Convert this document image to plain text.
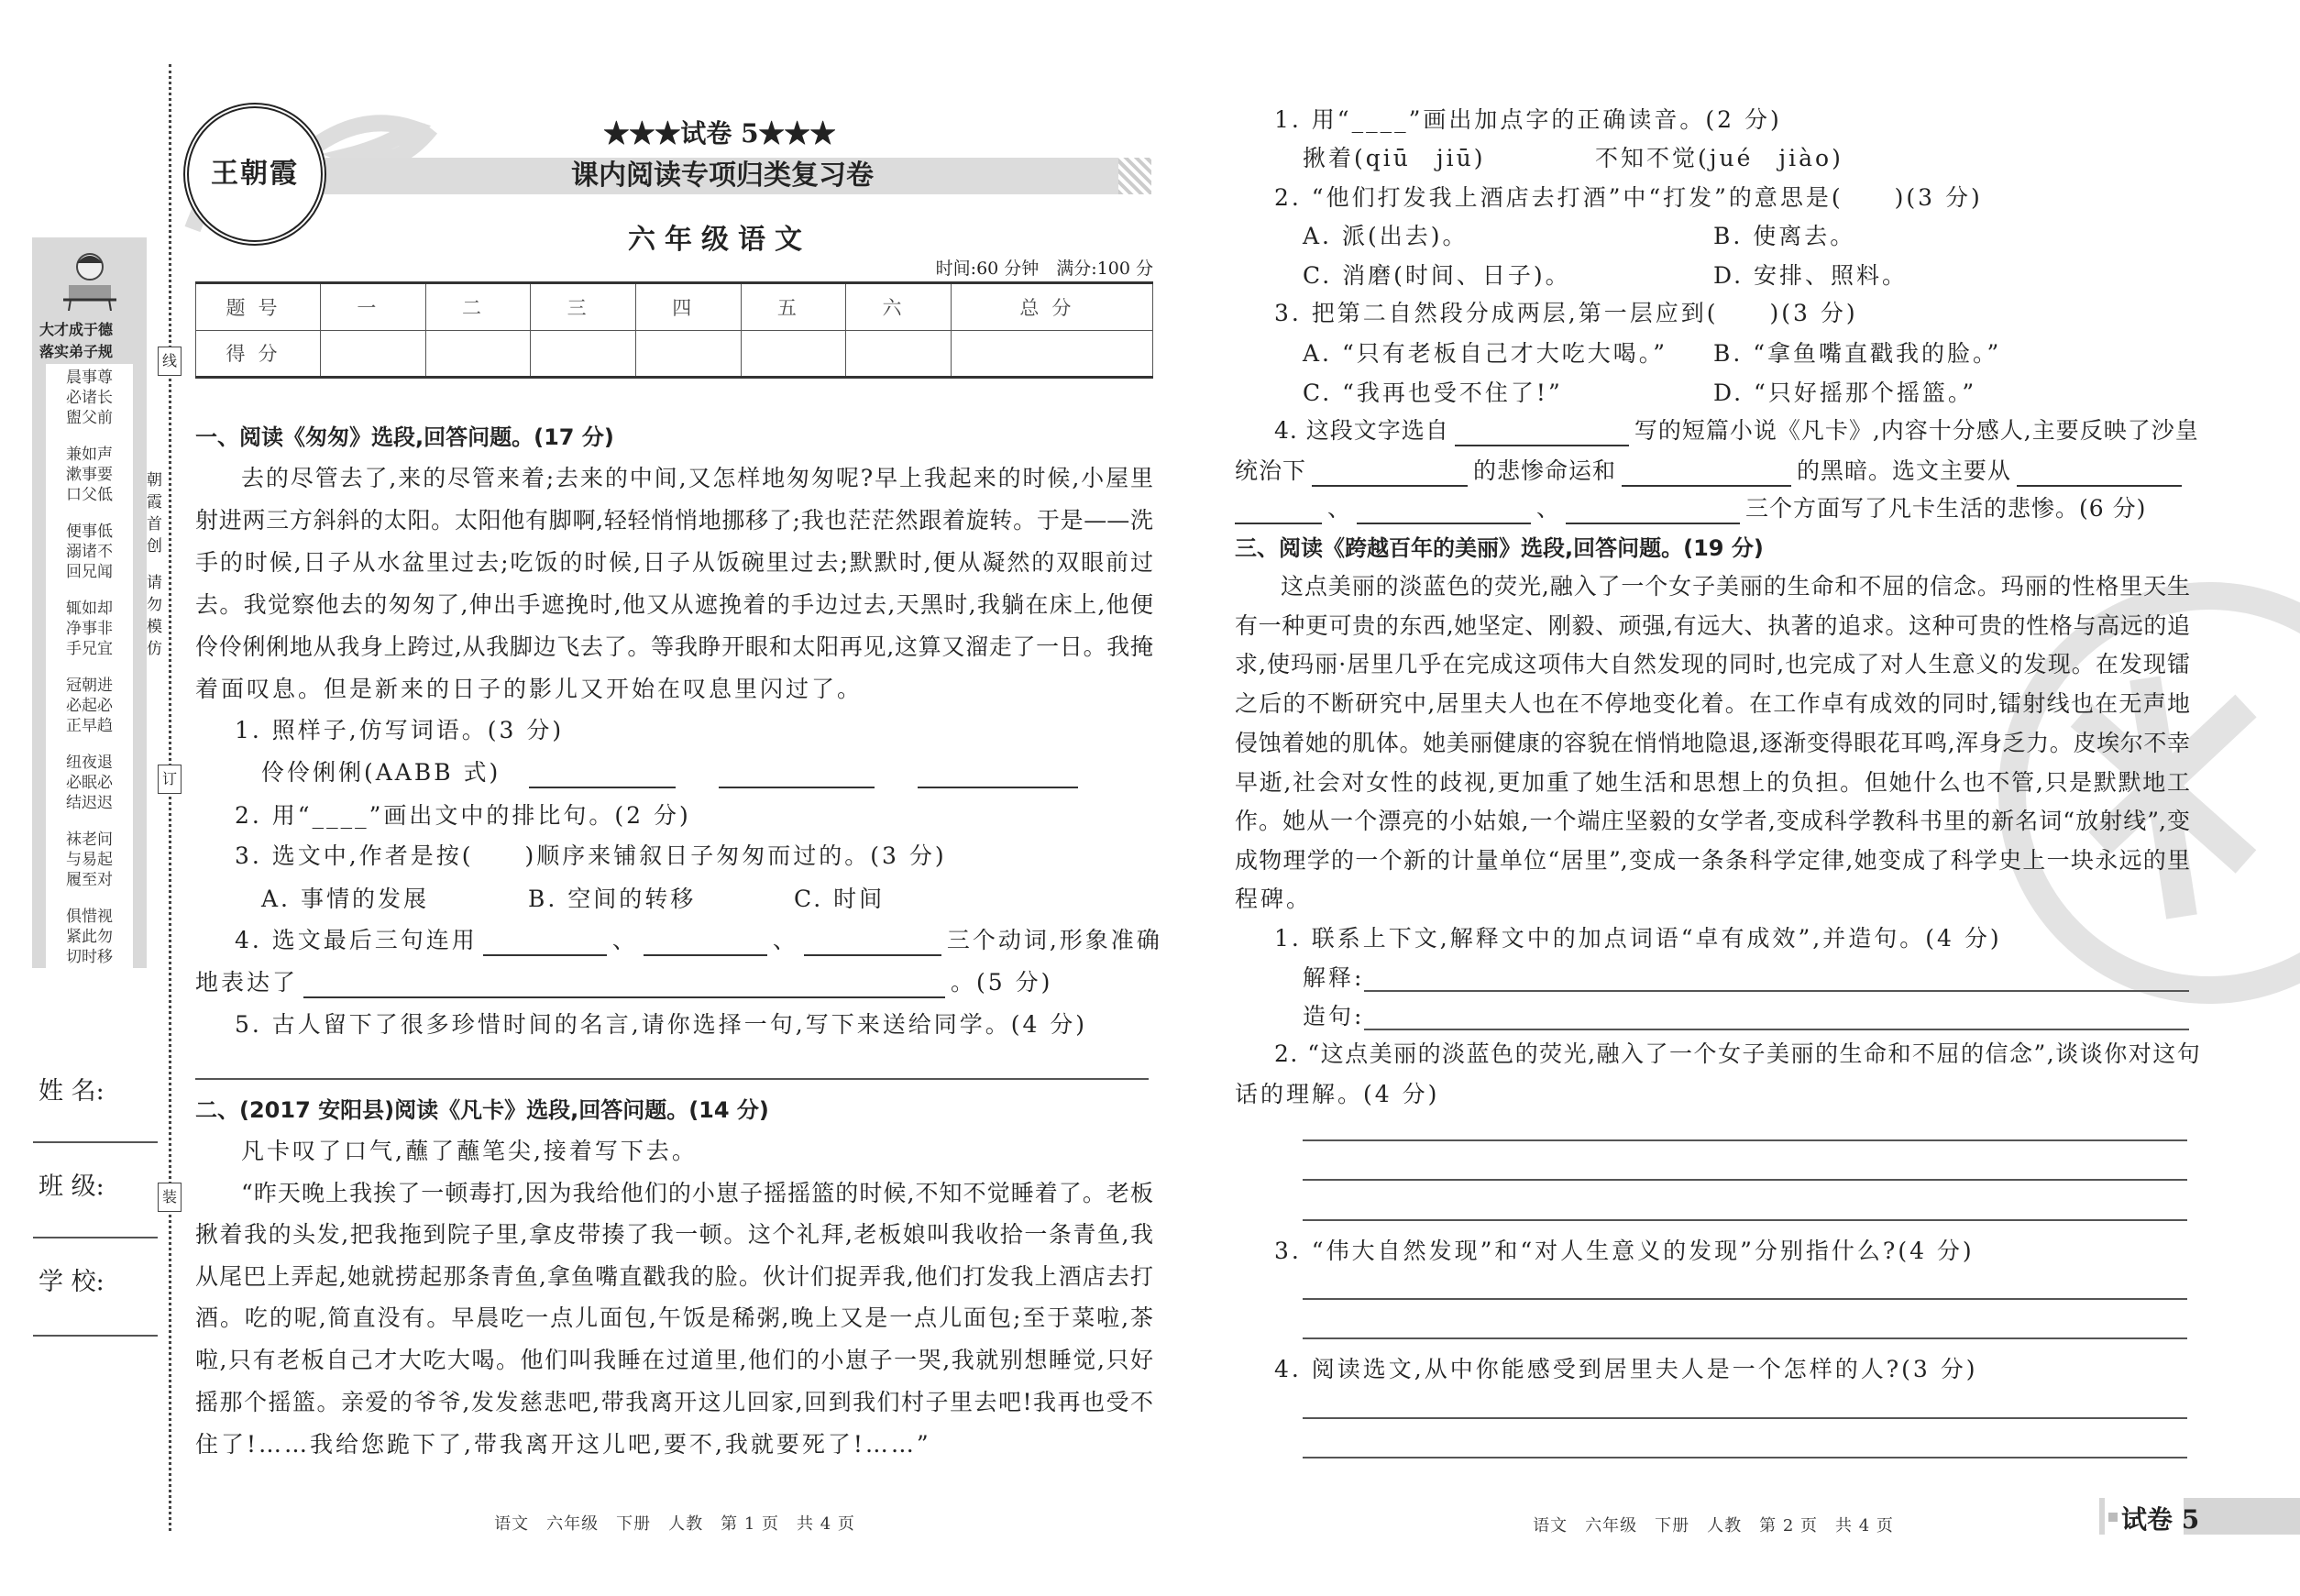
线
订
装
朝霞首创
请勿模仿
大才成于德
落实弟子规
晨事尊
必诸长
盥父前
兼如声
漱事要
口父低
便事低
溺诸不
回兄闻
辄如却
净事非
手兄宜
冠朝进
必起必
正早趋
纽夜退
必眠必
结迟迟
袜老问
与易起
履至对
俱惜视
紧此勿
切时移
姓 名:
班 级:
学 校:
王朝霞
★★★试卷 5★★★
课内阅读专项归类复习卷
六年级语文
时间:60 分钟　满分:100 分
题号	一	二	三	四	五	六	总分
得分							
一、阅读《匆匆》选段,回答问题。(17 分)
去的尽管去了,来的尽管来着;去来的中间,又怎样地匆匆呢?早上我起来的时候,小屋里
射进两三方斜斜的太阳。太阳他有脚啊,轻轻悄悄地挪移了;我也茫茫然跟着旋转。于是——洗
手的时候,日子从水盆里过去;吃饭的时候,日子从饭碗里过去;默默时,便从凝然的双眼前过
去。我觉察他去的匆匆了,伸出手遮挽时,他又从遮挽着的手边过去,天黑时,我躺在床上,他便
伶伶俐俐地从我身上跨过,从我脚边飞去了。等我睁开眼和太阳再见,这算又溜走了一日。我掩
着面叹息。但是新来的日子的影儿又开始在叹息里闪过了。
1. 照样子,仿写词语。(3 分)
伶伶俐俐(AABB 式)
2. 用“____”画出文中的排比句。(2 分)
3. 选文中,作者是按(　　)顺序来铺叙日子匆匆而过的。(3 分)
A. 事情的发展	B. 空间的转移	C. 时间
4. 选文最后三句连用	、	、	三个动词,形象准确
地表达了	。(5 分)
5. 古人留下了很多珍惜时间的名言,请你选择一句,写下来送给同学。(4 分)
二、(2017 安阳县)阅读《凡卡》选段,回答问题。(14 分)
凡卡叹了口气,蘸了蘸笔尖,接着写下去。
“昨天晚上我挨了一顿毒打,因为我给他们的小崽子摇摇篮的时候,不知不觉睡着了。老板
揪着我的头发,把我拖到院子里,拿皮带揍了我一顿。这个礼拜,老板娘叫我收拾一条青鱼,我
从尾巴上弄起,她就捞起那条青鱼,拿鱼嘴直戳我的脸。伙计们捉弄我,他们打发我上酒店去打
酒。吃的呢,简直没有。早晨吃一点儿面包,午饭是稀粥,晚上又是一点儿面包;至于菜啦,茶
啦,只有老板自己才大吃大喝。他们叫我睡在过道里,他们的小崽子一哭,我就别想睡觉,只好
摇那个摇篮。亲爱的爷爷,发发慈悲吧,带我离开这儿回家,回到我们村子里去吧!我再也受不
住了!……我给您跪下了,带我离开这儿吧,要不,我就要死了!……”
语文　六年级　下册　人教　第 1 页　共 4 页
1. 用“____”画出加点字的正确读音。(2 分)
揪着(qiū　jiū)	不知不觉(jué　jiào)
2. “他们打发我上酒店去打酒”中“打发”的意思是(　　)(3 分)
A. 派(出去)。	B. 使离去。
C. 消磨(时间、日子)。	D. 安排、照料。
3. 把第二自然段分成两层,第一层应到(　　)(3 分)
A. “只有老板自己才大吃大喝。” B. “拿鱼嘴直戳我的脸。”
C. “我再也受不住了!”	D. “只好摇那个摇篮。”
4. 这段文字选自	写的短篇小说《凡卡》,内容十分感人,主要反映了沙皇
统治下	的悲惨命运和	的黑暗。选文主要从
、	、	三个方面写了凡卡生活的悲惨。(6 分)
三、阅读《跨越百年的美丽》选段,回答问题。(19 分)
这点美丽的淡蓝色的荧光,融入了一个女子美丽的生命和不屈的信念。玛丽的性格里天生
有一种更可贵的东西,她坚定、刚毅、顽强,有远大、执著的追求。这种可贵的性格与高远的追
求,使玛丽·居里几乎在完成这项伟大自然发现的同时,也完成了对人生意义的发现。在发现镭
之后的不断研究中,居里夫人也在不停地变化着。在工作卓有成效的同时,镭射线也在无声地
侵蚀着她的肌体。她美丽健康的容貌在悄悄地隐退,逐渐变得眼花耳鸣,浑身乏力。皮埃尔不幸
早逝,社会对女性的歧视,更加重了她生活和思想上的负担。但她什么也不管,只是默默地工
作。她从一个漂亮的小姑娘,一个端庄坚毅的女学者,变成科学教科书里的新名词“放射线”,变
成物理学的一个新的计量单位“居里”,变成一条条科学定律,她变成了科学史上一块永远的里
程碑。
1. 联系上下文,解释文中的加点词语“卓有成效”,并造句。(4 分)
解释:
造句:
2. “这点美丽的淡蓝色的荧光,融入了一个女子美丽的生命和不屈的信念”,谈谈你对这句
话的理解。(4 分)
3. “伟大自然发现”和“对人生意义的发现”分别指什么?(4 分)
4. 阅读选文,从中你能感受到居里夫人是一个怎样的人?(3 分)
语文　六年级　下册　人教　第 2 页　共 4 页	试卷 5
